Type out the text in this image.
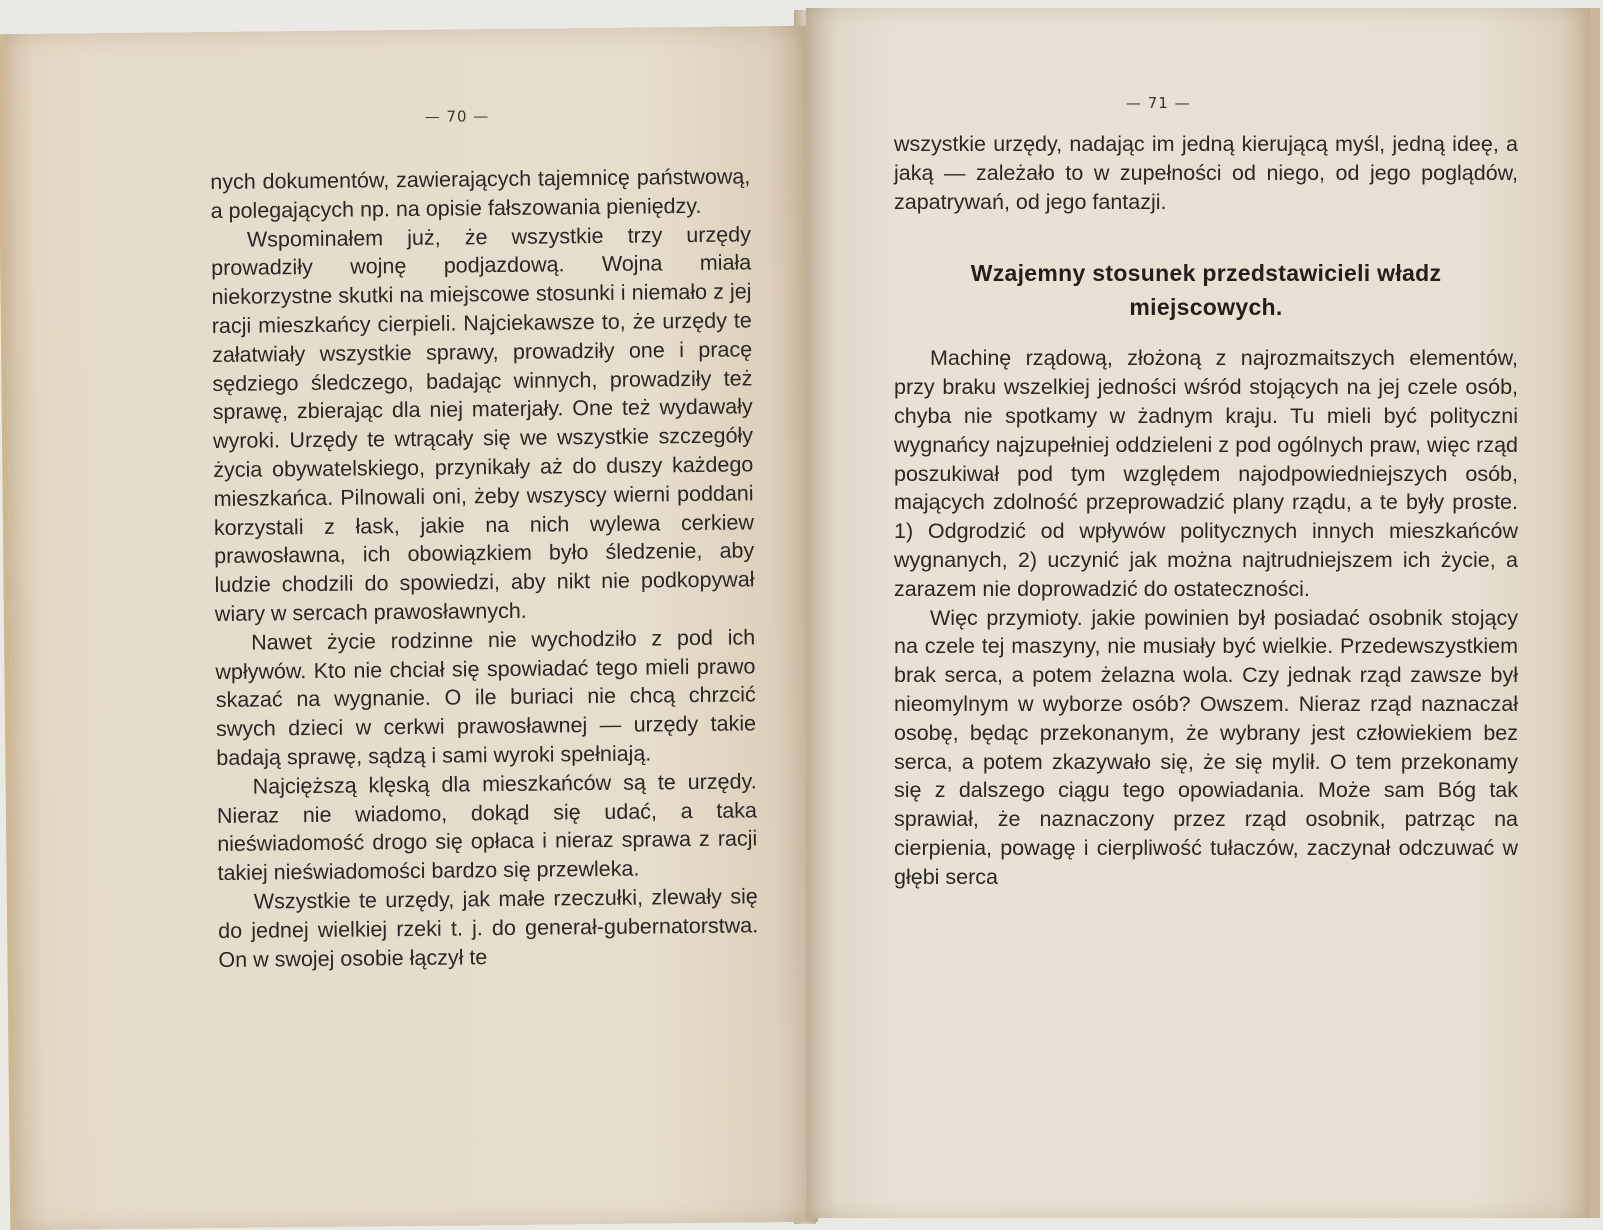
— 70 —

nych dokumentów, zawierających tajemnicę państwową, a polegających np. na opisie fałszowania pieniędzy.

Wspominałem już, że wszystkie trzy urzędy prowadziły wojnę podjazdową. Wojna miała niekorzystne skutki na miejscowe stosunki i niemało z jej racji mieszkańcy cierpieli. Najciekawsze to, że urzędy te załatwiały wszystkie sprawy, prowadziły one i pracę sędziego śledczego, badając winnych, prowadziły też sprawę, zbierając dla niej materjały. One też wydawały wyroki. Urzędy te wtrącały się we wszystkie szczegóły życia obywatelskiego, przynikały aż do duszy każdego mieszkańca. Pilnowali oni, żeby wszyscy wierni poddani korzystali z łask, jakie na nich wylewa cerkiew prawosławna, ich obowiązkiem było śledzenie, aby ludzie chodzili do spowiedzi, aby nikt nie podkopywał wiary w sercach prawosławnych.

Nawet życie rodzinne nie wychodziło z pod ich wpływów. Kto nie chciał się spowiadać tego mieli prawo skazać na wygnanie. O ile buriaci nie chcą chrzcić swych dzieci w cerkwi prawosławnej — urzędy takie badają sprawę, sądzą i sami wyroki spełniają.

Najcięższą klęską dla mieszkańców są te urzędy. Nieraz nie wiadomo, dokąd się udać, a taka nieświadomość drogo się opłaca i nieraz sprawa z racji takiej nieświadomości bardzo się przewleka.

Wszystkie te urzędy, jak małe rzeczułki, zlewały się do jednej wielkiej rzeki t. j. do generał-gubernatorstwa. On w swojej osobie łączył te

— 71 —

wszystkie urzędy, nadając im jedną kierującą myśl, jedną ideę, a jaką — zależało to w zupełności od niego, od jego poglądów, zapatrywań, od jego fantazji.

Wzajemny stosunek przedstawicieli władz miejscowych.

Machinę rządową, złożoną z najrozmaitszych elementów, przy braku wszelkiej jedności wśród stojących na jej czele osób, chyba nie spotkamy w żadnym kraju. Tu mieli być polityczni wygnańcy najzupełniej oddzieleni z pod ogólnych praw, więc rząd poszukiwał pod tym względem najodpowiedniejszych osób, mających zdolność przeprowadzić plany rządu, a te były proste. 1) Odgrodzić od wpływów politycznych innych mieszkańców wygnanych, 2) uczynić jak można najtrudniejszem ich życie, a zarazem nie doprowadzić do ostateczności.

Więc przymioty. jakie powinien był posiadać osobnik stojący na czele tej maszyny, nie musiały być wielkie. Przedewszystkiem brak serca, a potem żelazna wola. Czy jednak rząd zawsze był nieomylnym w wyborze osób? Owszem. Nieraz rząd naznaczał osobę, będąc przekonanym, że wybrany jest człowiekiem bez serca, a potem zkazywało się, że się mylił. O tem przekonamy się z dalszego ciągu tego opowiadania. Może sam Bóg tak sprawiał, że naznaczony przez rząd osobnik, patrząc na cierpienia, powagę i cierpliwość tułaczów, zaczynał odczuwać w głębi serca
